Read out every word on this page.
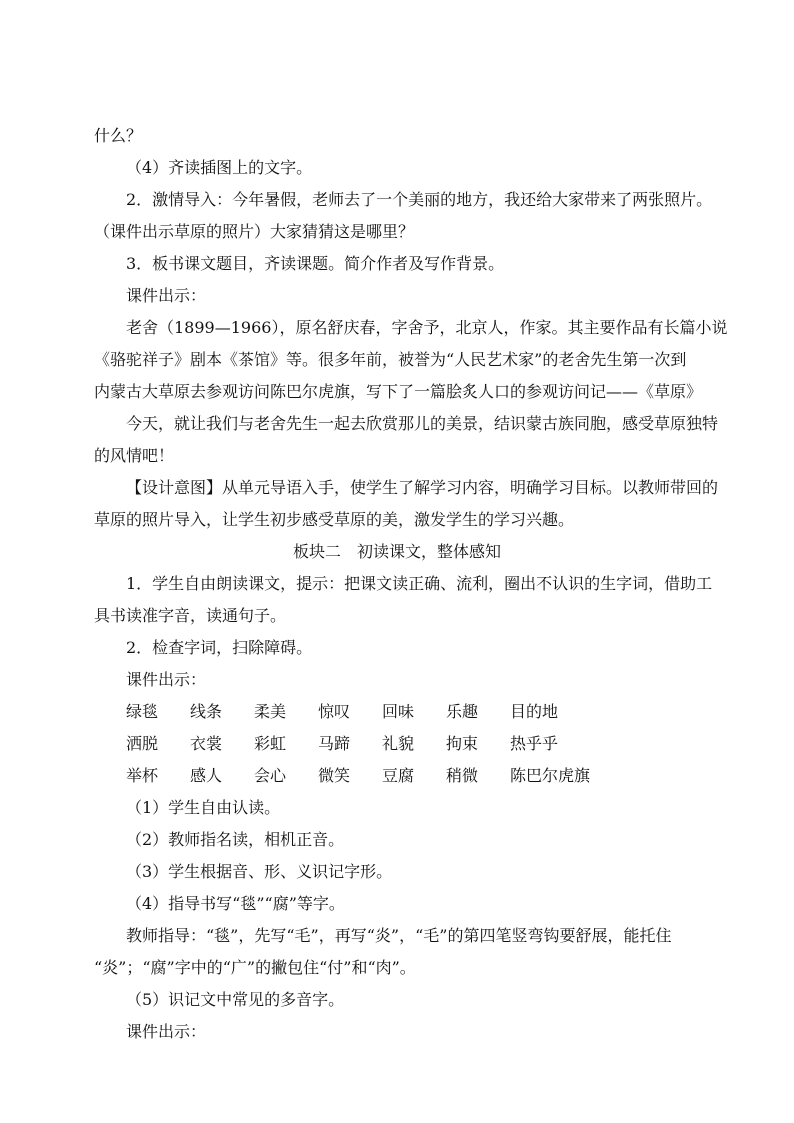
什么？
（4）齐读插图上的文字。
2．激情导入：今年暑假，老师去了一个美丽的地方，我还给大家带来了两张照片。
（课件出示草原的照片）大家猜猜这是哪里？
3．板书课文题目，齐读课题。简介作者及写作背景。
课件出示：
老舍（1899—1966），原名舒庆春，字舍予，北京人，作家。其主要作品有长篇小说
《骆驼祥子》剧本《茶馆》等。很多年前，被誉为“人民艺术家”的老舍先生第一次到
内蒙古大草原去参观访问陈巴尔虎旗，写下了一篇脍炙人口的参观访问记——《草原》
今天，就让我们与老舍先生一起去欣赏那儿的美景，结识蒙古族同胞，感受草原独特
的风情吧！
【设计意图】从单元导语入手，使学生了解学习内容，明确学习目标。以教师带回的
草原的照片导入，让学生初步感受草原的美，激发学生的学习兴趣。
板块二　初读课文，整体感知
1．学生自由朗读课文，提示：把课文读正确、流利，圈出不认识的生字词，借助工
具书读准字音，读通句子。
2．检查字词，扫除障碍。
课件出示：
绿毯 线条 柔美 惊叹 回味 乐趣 目的地
洒脱 衣裳 彩虹 马蹄 礼貌 拘束 热乎乎
举杯 感人 会心 微笑 豆腐 稍微 陈巴尔虎旗
（1）学生自由认读。
（2）教师指名读，相机正音。
（3）学生根据音、形、义识记字形。
（4）指导书写“毯”“腐”等字。
教师指导：“毯”，先写“毛”，再写“炎”，“毛”的第四笔竖弯钩要舒展，能托住
“炎”；“腐”字中的“广”的撇包住“付”和“肉”。
（5）识记文中常见的多音字。
课件出示：
